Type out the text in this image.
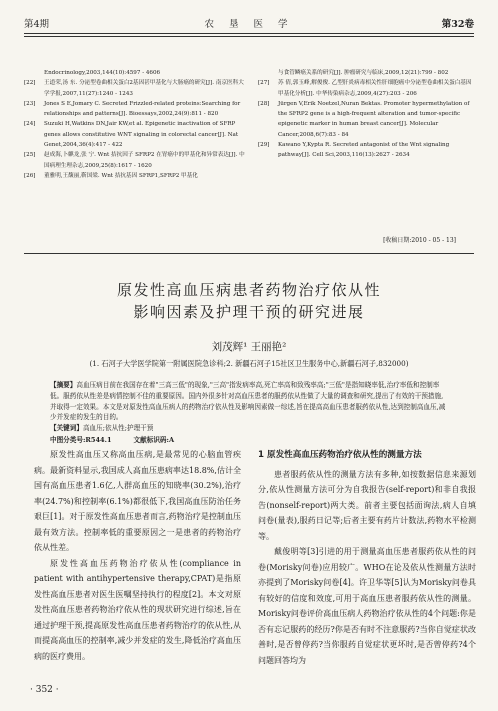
第4期	农 垦 医 学	第32卷
Endocrinology,2003,144(10):4597 - 4606
[22] 王道荣,汤 东. 分泌型卷曲相关蛋白2基因甚甲基化与大肠癌的研究[J]. 南京医科大学学报,2007,11(27):1240 - 1243
[23] Jones S E,Jomary C. Secreted Frizzled-related proteins:Searching for relationships and patterns[J]. Bioessays,2002,24(9):811 - 820
[24] Suzuki H,Watkins DN,Jair KW,et al. Epigenetic inactivation of SFRP genes allows constitutive WNT signaling in colorectal cancer[J]. Nat Genet,2004,36(4):417 - 422
[25] 赵成海,卜麒龙,张 宁. Wnt 拮抗因子 SFRP2 在胃癌中的甲基化和异常表达[J]. 中国病理生理杂志,2009,25(8):1617 - 1620
[26] 董雅明,王馥丽,靳国梁. Wnt 拮抗基因 SFRP1,SFRP2 甲基化
与食管鳞癌关系的研究[J]. 肿瘤研究与临床,2009,12(21):799 - 802
[27] 苏 倩,郭玉峰,解俊俊. 乙型肝炎病毒相关性肝细胞癌中分泌型卷曲相关蛋白基因甲基化分析[J]. 中华传染病杂志,2009,4(27):203 - 206
[28] Jürgen V,Erik Noetzel,Nuran Bektas. Promoter hypermethylation of the SFRP2 gene is a high-frequent alteration and tumor-specific epigenetic marker in human breast cancer[J]. Molecular Cancer,2008,6(7):83 - 84
[29] Kawano Y,Kypta R. Secreted antagonist of the Wnt signaling pathway[J]. Cell Sci,2003,116(13):2627 - 2634
[收稿日期:2010 - 05 - 13]
原发性高血压病患者药物治疗依从性
影响因素及护理干预的研究进展
刘茂辉¹ 王丽艳²
(1. 石河子大学医学院第一附属医院急诊科;2. 新疆石河子15社区卫生服务中心,新疆石河子,832000)
【摘要】高血压病目前在我国存在着"三高三低"的现象,"三高"指发病率高,死亡率高和致残率高;"三低"是指知晓率低,治疗率低和控制率低。服药依从性差是病情控制不佳的重要原因。国内外很多针对高血压患者的服药依从性做了大量的调查和研究,提出了有效的干预措施,并取得一定效果。本文是对原发性高血压病人的药物治疗依从性及影响因素做一综述,旨在提高高血压患者服药依从性,达到控制高血压,减少并发症的发生的目的。
【关键词】高血压;依从性;护理干预
中图分类号:R544.1	文献标识码:A

原发性高血压又称高血压病,是最常见的心脑血管疾病。最新资料显示,我国成人高血压患病率达18.8%,估计全国有高血压患者1.6亿,人群高血压的知晓率(30.2%),治疗率(24.7%)和控制率(6.1%)都很低下,我国高血压防治任务艰巨[1]。对于原发性高血压患者而言,药物治疗是控制血压最有效方法。控制率低的重要原因之一是患者的药物治疗依从性差。

原发性高血压药物治疗依从性(compliance in patient with antihypertensive therapy,CPAT)是指原发性高血压患者对医生医嘱坚持执行的程度[2]。本文对原发性高血压患者药物治疗依从性的现状研究进行综述,旨在通过护理干预,提高原发性高血压患者药物治疗的依从性,从而提高高血压的控制率,减少并发症的发生,降低治疗高血压病的医疗费用。

1 原发性高血压药物治疗依从性的测量方法

患者服药依从性的测量方法有多种,如按数据信息来源划分,依从性测量方法可分为自我报告(self-report)和非自我报告(nonself-report)两大类。前者主要包括面询法,病人自填问卷(量表),服药日记等;后者主要有药片计数法,药物水平检测等。

戴俊明等[3]引进的用于测量高血压患者服药依从性的问卷(Morisky问卷)应用较广。WHO在论及依从性测量方法时亦提到了Morisky问卷[4]。许卫华等[5]认为Morisky问卷具有较好的信度和效度,可用于高血压患者服药依从性的测量。Morisky问卷评价高血压病人药物治疗依从性的4个问题:你是否有忘记服药的经历?你是否有时不注意服药?当你自觉症状改善时,是否曾停药?当你服药自觉症状更坏时,是否曾停药?4个问题回答均为

· 352 ·
